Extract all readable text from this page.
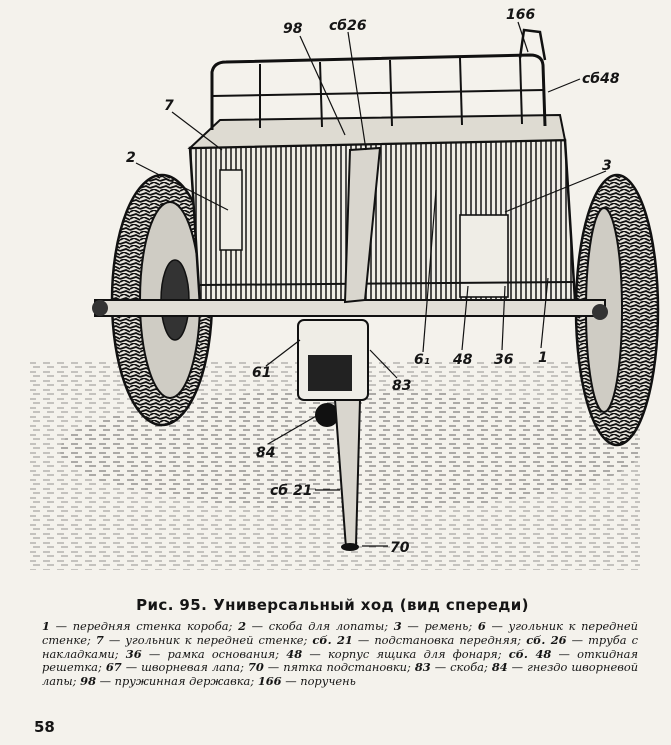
166
98 сб26
сб48
7
2	3
61
83
6₁ 48 36 1
84
сб 21
70
Рис. 95. Универсальный ход (вид спереди)
1 — передняя стенка короба; 2 — скоба для лопаты; 3 — ремень; 6 — угольник к передней стенке; 7 — угольник к передней стенке; сб. 21 — подстановка передняя; сб. 26 — труба с накладками; 36 — рамка основания; 48 — корпус ящика для фонаря; сб. 48 — откидная решетка; 67 — шворневая лапа; 70 — пятка подстановки; 83 — скоба; 84 — гнездо шворневой лапы; 98 — пружинная державка; 166 — поручень
58
